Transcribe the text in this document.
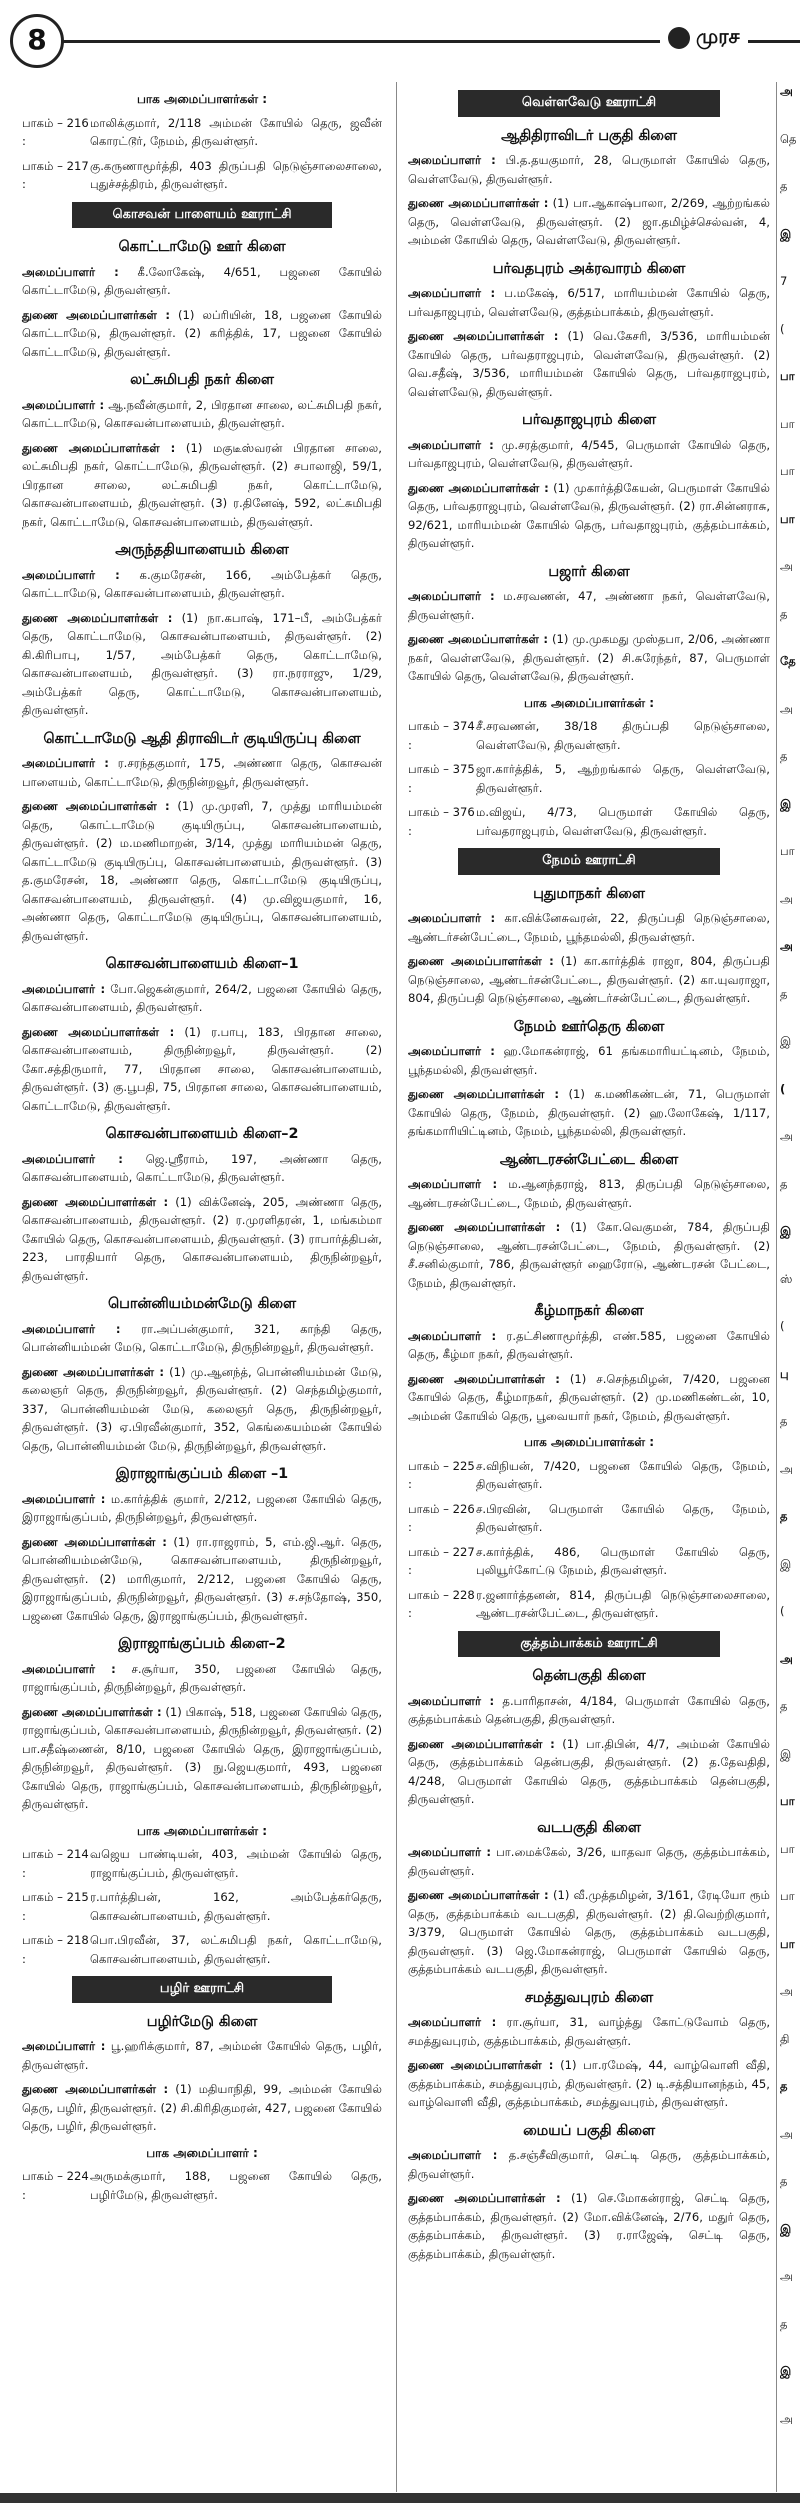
8	முரச
பாக அமைப்பாளர்கள் :
பாகம் – 216 :
மாலிக்குமார், 2/118 அம்மன் கோயில் தெரு, ஜவீன் கொரட்டூர், நேமம், திருவள்ளூர்.
பாகம் – 217 :
கு.கருணாமூர்த்தி, 403 திருப்பதி நெடுஞ்சாலைசாலை, புதுச்சத்திரம், திருவள்ளூர்.
கொசவன் பாளையம் ஊராட்சி
கொட்டாமேடு ஊர் கிளை
அமைப்பாளர் : கீ.லோகேஷ், 4/651, பஜனை கோயில் கொட்டாமேடு, திருவள்ளூர்.
துணை அமைப்பாளர்கள் : (1) லப்ரியின், 18, பஜனை கோயில் கொட்டாமேடு, திருவள்ளூர். (2) கரித்திக், 17, பஜனை கோயில் கொட்டாமேடு, திருவள்ளூர்.
லட்சுமிபதி நகர் கிளை
அமைப்பாளர் : ஆ.நவீன்குமார், 2, பிரதான சாலை, லட்சுமிபதி நகர், கொட்டாமேடு, கொசவன்பாளையம், திருவள்ளூர்.
துணை அமைப்பாளர்கள் : (1) மகுடீஸ்வரன் பிரதான சாலை, லட்சுமிபதி நகர், கொட்டாமேடு, திருவள்ளூர். (2) சபாலாஜி, 59/1, பிரதான சாலை, லட்சுமிபதி நகர், கொட்டாமேடு, கொசவன்பாளையம், திருவள்ளூர். (3) ர.தினேஷ், 592, லட்சுமிபதி நகர், கொட்டாமேடு, கொசவன்பாளையம், திருவள்ளூர்.
அருந்ததியாளையம் கிளை
அமைப்பாளர் : க.குமரேசன், 166, அம்பேத்கர் தெரு, கொட்டாமேடு, கொசவன்பாளையம், திருவள்ளூர்.
துணை அமைப்பாளர்கள் : (1) நா.கபாஷ், 171–பீ, அம்பேத்கர் தெரு, கொட்டாமேடு, கொசவன்பாளையம், திருவள்ளூர். (2) கி.கிரிபாபு, 1/57, அம்பேத்கர் தெரு, கொட்டாமேடு, கொசவன்பாளையம், திருவள்ளூர். (3) ரா.நரராஜு, 1/29, அம்பேத்கர் தெரு, கொட்டாமேடு, கொசவன்பாளையம், திருவள்ளூர்.
கொட்டாமேடு ஆதி திராவிடர் குடியிருப்பு கிளை
அமைப்பாளர் : ர.சரந்தகுமார், 175, அண்ணா தெரு, கொசவன் பாளையம், கொட்டாமேடு, திருநின்றவூர், திருவள்ளூர்.
துணை அமைப்பாளர்கள் : (1) மு.முரளி, 7, முத்து மாரியம்மன் தெரு, கொட்டாமேடு குடியிருப்பு, கொசவன்பாளையம், திருவள்ளூர். (2) ம.மணிமாறன், 3/14, முத்து மாரியம்மன் தெரு, கொட்டாமேடு குடியிருப்பு, கொசவன்பாளையம், திருவள்ளூர். (3) த.குமரேசன், 18, அண்ணா தெரு, கொட்டாமேடு குடியிருப்பு, கொசவன்பாளையம், திருவள்ளூர். (4) மு.விஜயகுமார், 16, அண்ணா தெரு, கொட்டாமேடு குடியிருப்பு, கொசவன்பாளையம், திருவள்ளூர்.
கொசவன்பாளையம் கிளை–1
அமைப்பாளர் : போ.ஜெகன்குமார், 264/2, பஜனை கோயில் தெரு, கொசவன்பாளையம், திருவள்ளூர்.
துணை அமைப்பாளர்கள் : (1) ர.பாபு, 183, பிரதான சாலை, கொசவன்பாளையம், திருநின்றவூர், திருவள்ளூர். (2) கோ.சத்திருமார், 77, பிரதான சாலை, கொசவன்பாளையம், திருவள்ளூர். (3) கு.பூபதி, 75, பிரதான சாலை, கொசவன்பாளையம், கொட்டாமேடு, திருவள்ளூர்.
கொசவன்பாளையம் கிளை–2
அமைப்பாளர் : ஜெ.ஸ்ரீராம், 197, அண்ணா தெரு, கொசவன்பாளையம், கொட்டாமேடு, திருவள்ளூர்.
துணை அமைப்பாளர்கள் : (1) விக்னேஷ், 205, அண்ணா தெரு, கொசவன்பாளையம், திருவள்ளூர். (2) ர.முரளிதரன், 1, மங்கம்மா கோயில் தெரு, கொசவன்பாளையம், திருவள்ளூர். (3) ராபார்த்திபன், 223, பாரதியார் தெரு, கொசவன்பாளையம், திருநின்றவூர், திருவள்ளூர்.
பொன்னியம்மன்மேடு கிளை
அமைப்பாளர் : ரா.அப்பன்குமார், 321, காந்தி தெரு, பொன்னியம்மன் மேடு, கொட்டாமேடு, திருநின்றவூர், திருவள்ளூர்.
துணை அமைப்பாளர்கள் : (1) மு.ஆனந்த், பொன்னியம்மன் மேடு, கலைஞர் தெரு, திருநின்றவூர், திருவள்ளூர். (2) செந்தமிழ்குமார், 337, பொன்னியம்மன் மேடு, கலைஞர் தெரு, திருநின்றவூர், திருவள்ளூர். (3) ஏ.பிரவீன்குமார், 352, கெங்கையம்மன் கோயில் தெரு, பொன்னியம்மன் மேடு, திருநின்றவூர், திருவள்ளூர்.
இராஜாங்குப்பம் கிளை –1
அமைப்பாளர் : ம.கார்த்திக் குமார், 2/212, பஜனை கோயில் தெரு, இராஜாங்குப்பம், திருநின்றவூர், திருவள்ளூர்.
துணை அமைப்பாளர்கள் : (1) ரா.ராஜராம், 5, எம்.ஜி.ஆர். தெரு, பொன்னியம்மன்மேடு, கொசவன்பாளையம், திருநின்றவூர், திருவள்ளூர். (2) மாரிகுமார், 2/212, பஜனை கோயில் தெரு, இராஜாங்குப்பம், திருநின்றவூர், திருவள்ளூர். (3) ச.சந்தோஷ், 350, பஜனை கோயில் தெரு, இராஜாங்குப்பம், திருவள்ளூர்.
இராஜாங்குப்பம் கிளை–2
அமைப்பாளர் : ச.சூர்யா, 350, பஜனை கோயில் தெரு, ராஜாங்குப்பம், திருநின்றவூர், திருவள்ளூர்.
துணை அமைப்பாளர்கள் : (1) பிகாஷ், 518, பஜனை கோயில் தெரு, ராஜாங்குப்பம், கொசவன்பாளையம், திருநின்றவூர், திருவள்ளூர். (2) பா.சதீஷ்ணைன், 8/10, பஜனை கோயில் தெரு, இராஜாங்குப்பம், திருநின்றவூர், திருவள்ளூர். (3) நு.ஜெயகுமார், 493, பஜனை கோயில் தெரு, ராஜாங்குப்பம், கொசவன்பாளையம், திருநின்றவூர், திருவள்ளூர்.
பாக அமைப்பாளர்கள் :
பாகம் – 214 :
வஜெய பாண்டியன், 403, அம்மன் கோயில் தெரு, ராஜாங்குப்பம், திருவள்ளூர்.
பாகம் – 215 :
ர.பார்த்திபன், 162, அம்பேத்கர்தெரு, கொசவன்பாளையம், திருவள்ளூர்.
பாகம் – 218 :
பொ.பிரவீன், 37, லட்சுமிபதி நகர், கொட்டாமேடு, கொசவன்பாளையம், திருவள்ளூர்.
பழிர் ஊராட்சி
பழிர்மேடு கிளை
அமைப்பாளர் : பூ.ஹரிக்குமார், 87, அம்மன் கோயில் தெரு, பழிர், திருவள்ளூர்.
துணை அமைப்பாளர்கள் : (1) மதியாநிதி, 99, அம்மன் கோயில் தெரு, பழிர், திருவள்ளூர். (2) சி.கிரிதிகுமரன், 427, பஜனை கோயில் தெரு, பழிர், திருவள்ளூர்.
பாக அமைப்பாளர் :
பாகம் – 224 :
அருமக்குமார், 188, பஜனை கோயில் தெரு, பழிர்மேடு, திருவள்ளூர்.
வெள்ளவேடு ஊராட்சி
ஆதிதிராவிடர் பகுதி கிளை
அமைப்பாளர் : பி.த.தயகுமார், 28, பெருமாள் கோயில் தெரு, வெள்ளவேடு, திருவள்ளூர்.
துணை அமைப்பாளர்கள் : (1) பா.ஆகாஷ்பாலா, 2/269, ஆற்றங்கல் தெரு, வெள்ளவேடு, திருவள்ளூர். (2) ஜா.தமிழ்ச்செல்வன், 4, அம்மன் கோயில் தெரு, வெள்ளவேடு, திருவள்ளூர்.
பர்வதபுரம் அக்ரவாரம் கிளை
அமைப்பாளர் : ப.மகேஷ், 6/517, மாரியம்மன் கோயில் தெரு, பர்வதாஜபுரம், வெள்ளவேடு, குத்தம்பாக்கம், திருவள்ளூர்.
துணை அமைப்பாளர்கள் : (1) வெ.கேசரி, 3/536, மாரியம்மன் கோயில் தெரு, பர்வதராஜபுரம், வெள்ளவேடு, திருவள்ளூர். (2) வெ.சதீஷ், 3/536, மாரியம்மன் கோயில் தெரு, பர்வதராஜபுரம், வெள்ளவேடு, திருவள்ளூர்.
பர்வதாஜபுரம் கிளை
அமைப்பாளர் : மு.சரத்குமார், 4/545, பெருமாள் கோயில் தெரு, பர்வதாஜபுரம், வெள்ளவேடு, திருவள்ளூர்.
துணை அமைப்பாளர்கள் : (1) முகார்த்திகேயன், பெருமாள் கோயில் தெரு, பர்வதராஜபுரம், வெள்ளவேடு, திருவள்ளூர். (2) ரா.சின்னராசு, 92/621, மாரியம்மன் கோயில் தெரு, பர்வதாஜபுரம், குத்தம்பாக்கம், திருவள்ளூர்.
பஜார் கிளை
அமைப்பாளர் : ம.சரவணன், 47, அண்ணா நகர், வெள்ளவேடு, திருவள்ளூர்.
துணை அமைப்பாளர்கள் : (1) மு.முகமது முஸ்தபா, 2/06, அண்ணா நகர், வெள்ளவேடு, திருவள்ளூர். (2) சி.சுரேந்தர், 87, பெருமாள் கோயில் தெரு, வெள்ளவேடு, திருவள்ளூர்.
பாக அமைப்பாளர்கள் :
பாகம் – 374 :
சீ.சரவணன், 38/18 திருப்பதி நெடுஞ்சாலை, வெள்ளவேடு, திருவள்ளூர்.
பாகம் – 375 :
ஜா.கார்த்திக், 5, ஆற்றங்கால் தெரு, வெள்ளவேடு, திருவள்ளூர்.
பாகம் – 376 :
ம.விஜய், 4/73, பெருமாள் கோயில் தெரு, பர்வதராஜபுரம், வெள்ளவேடு, திருவள்ளூர்.
நேமம் ஊராட்சி
புதுமாநகர் கிளை
அமைப்பாளர் : கா.விக்னேசுவரன், 22, திருப்பதி நெடுஞ்சாலை, ஆண்டர்சன்பேட்டை, நேமம், பூந்தமல்லி, திருவள்ளூர்.
துணை அமைப்பாளர்கள் : (1) கா.கார்த்திக் ராஜா, 804, திருப்பதி நெடுஞ்சாலை, ஆண்டர்சன்பேட்டை, திருவள்ளூர். (2) கா.யுவராஜா, 804, திருப்பதி நெடுஞ்சாலை, ஆண்டர்சன்பேட்டை, திருவள்ளூர்.
நேமம் ஊர்தெரு கிளை
அமைப்பாளர் : ஹ.மோகன்ராஜ், 61 தங்கமாரியட்டினம், நேமம், பூந்தமல்லி, திருவள்ளூர்.
துணை அமைப்பாளர்கள் : (1) க.மணிகண்டன், 71, பெருமாள் கோயில் தெரு, நேமம், திருவள்ளூர். (2) ஹ.லோகேஷ், 1/117, தங்கமாரியிட்டினம், நேமம், பூந்தமல்லி, திருவள்ளூர்.
ஆண்டரசன்பேட்டை கிளை
அமைப்பாளர் : ம.ஆனந்தராஜ், 813, திருப்பதி நெடுஞ்சாலை, ஆண்டரசன்பேட்டை, நேமம், திருவள்ளூர்.
துணை அமைப்பாளர்கள் : (1) கோ.வெகுமன், 784, திருப்பதி நெடுஞ்சாலை, ஆண்டரசன்பேட்டை, நேமம், திருவள்ளூர். (2) சீ.சனில்குமார், 786, திருவள்ளூர் ஹைரோடு, ஆண்டரசன் பேட்டை, நேமம், திருவள்ளூர்.
கீழ்மாநகர் கிளை
அமைப்பாளர் : ர.தட்சிணாமூர்த்தி, எண்.585, பஜனை கோயில் தெரு, கீழ்மா நகர், திருவள்ளூர்.
துணை அமைப்பாளர்கள் : (1) ச.செந்தமிழன், 7/420, பஜனை கோயில் தெரு, கீழ்மாநகர், திருவள்ளூர். (2) மு.மணிகண்டன், 10, அம்மன் கோயில் தெரு, பூவையார் நகர், நேமம், திருவள்ளூர்.
பாக அமைப்பாளர்கள் :
பாகம் – 225 :
ச.விநியன், 7/420, பஜனை கோயில் தெரு, நேமம், திருவள்ளூர்.
பாகம் – 226 :
ச.பிரவின், பெருமாள் கோயில் தெரு, நேமம், திருவள்ளூர்.
பாகம் – 227 :
ச.கார்த்திக், 486, பெருமாள் கோயில் தெரு, புலியூர்கோட்டு நேமம், திருவள்ளூர்.
பாகம் – 228 :
ர.ஜனார்த்தனன், 814, திருப்பதி நெடுஞ்சாலைசாலை, ஆண்டரசன்பேட்டை, திருவள்ளூர்.
குத்தம்பாக்கம் ஊராட்சி
தென்பகுதி கிளை
அமைப்பாளர் : த.பாரிதாசன், 4/184, பெருமாள் கோயில் தெரு, குத்தம்பாக்கம் தென்பகுதி, திருவள்ளூர்.
துணை அமைப்பாளர்கள் : (1) பா.திபின், 4/7, அம்மன் கோயில் தெரு, குத்தம்பாக்கம் தென்பகுதி, திருவள்ளூர். (2) த.தேவதிதி, 4/248, பெருமாள் கோயில் தெரு, குத்தம்பாக்கம் தென்பகுதி, திருவள்ளூர்.
வடபகுதி கிளை
அமைப்பாளர் : பா.மைக்கேல், 3/26, யாதவா தெரு, குத்தம்பாக்கம், திருவள்ளூர்.
துணை அமைப்பாளர்கள் : (1) வீ.முத்தமிழன், 3/161, ரேடியோ ரூம் தெரு, குத்தம்பாக்கம் வடபகுதி, திருவள்ளூர். (2) தி.வெற்றிகுமார், 3/379, பெருமாள் கோயில் தெரு, குத்தம்பாக்கம் வடபகுதி, திருவள்ளூர். (3) ஜெ.மோகன்ராஜ், பெருமாள் கோயில் தெரு, குத்தம்பாக்கம் வடபகுதி, திருவள்ளூர்.
சமத்துவபுரம் கிளை
அமைப்பாளர் : ரா.சூர்யா, 31, வாழ்த்து கோட்டுவோம் தெரு, சமத்துவபுரம், குத்தம்பாக்கம், திருவள்ளூர்.
துணை அமைப்பாளர்கள் : (1) பா.ரமேஷ், 44, வாழ்வொளி வீதி, குத்தம்பாக்கம், சமத்துவபுரம், திருவள்ளூர். (2) டி.சத்தியானந்தம், 45, வாழ்வொளி வீதி, குத்தம்பாக்கம், சமத்துவபுரம், திருவள்ளூர்.
மையப் பகுதி கிளை
அமைப்பாளர் : த.சஞ்சீவிகுமார், செட்டி தெரு, குத்தம்பாக்கம், திருவள்ளூர்.
துணை அமைப்பாளர்கள் : (1) செ.மோகன்ராஜ், செட்டி தெரு, குத்தம்பாக்கம், திருவள்ளூர். (2) மோ.விக்னேஷ், 2/76, மதுர் தெரு, குத்தம்பாக்கம், திருவள்ளூர். (3) ர.ராஜேஷ், செட்டி தெரு, குத்தம்பாக்கம், திருவள்ளூர்.
அ
தெ
த
இ
7
(
பா
பா
பா
பா
அ
த
தே
அ
த
இ
பா
அ
அ
த
இ
(
அ
த
இ
ஸ்
(
பு
த
அ
த
இ
(
அ
த
இ
பா
பா
பா
பா
அ
தி
த
அ
த
இ
அ
த
இ
அ
